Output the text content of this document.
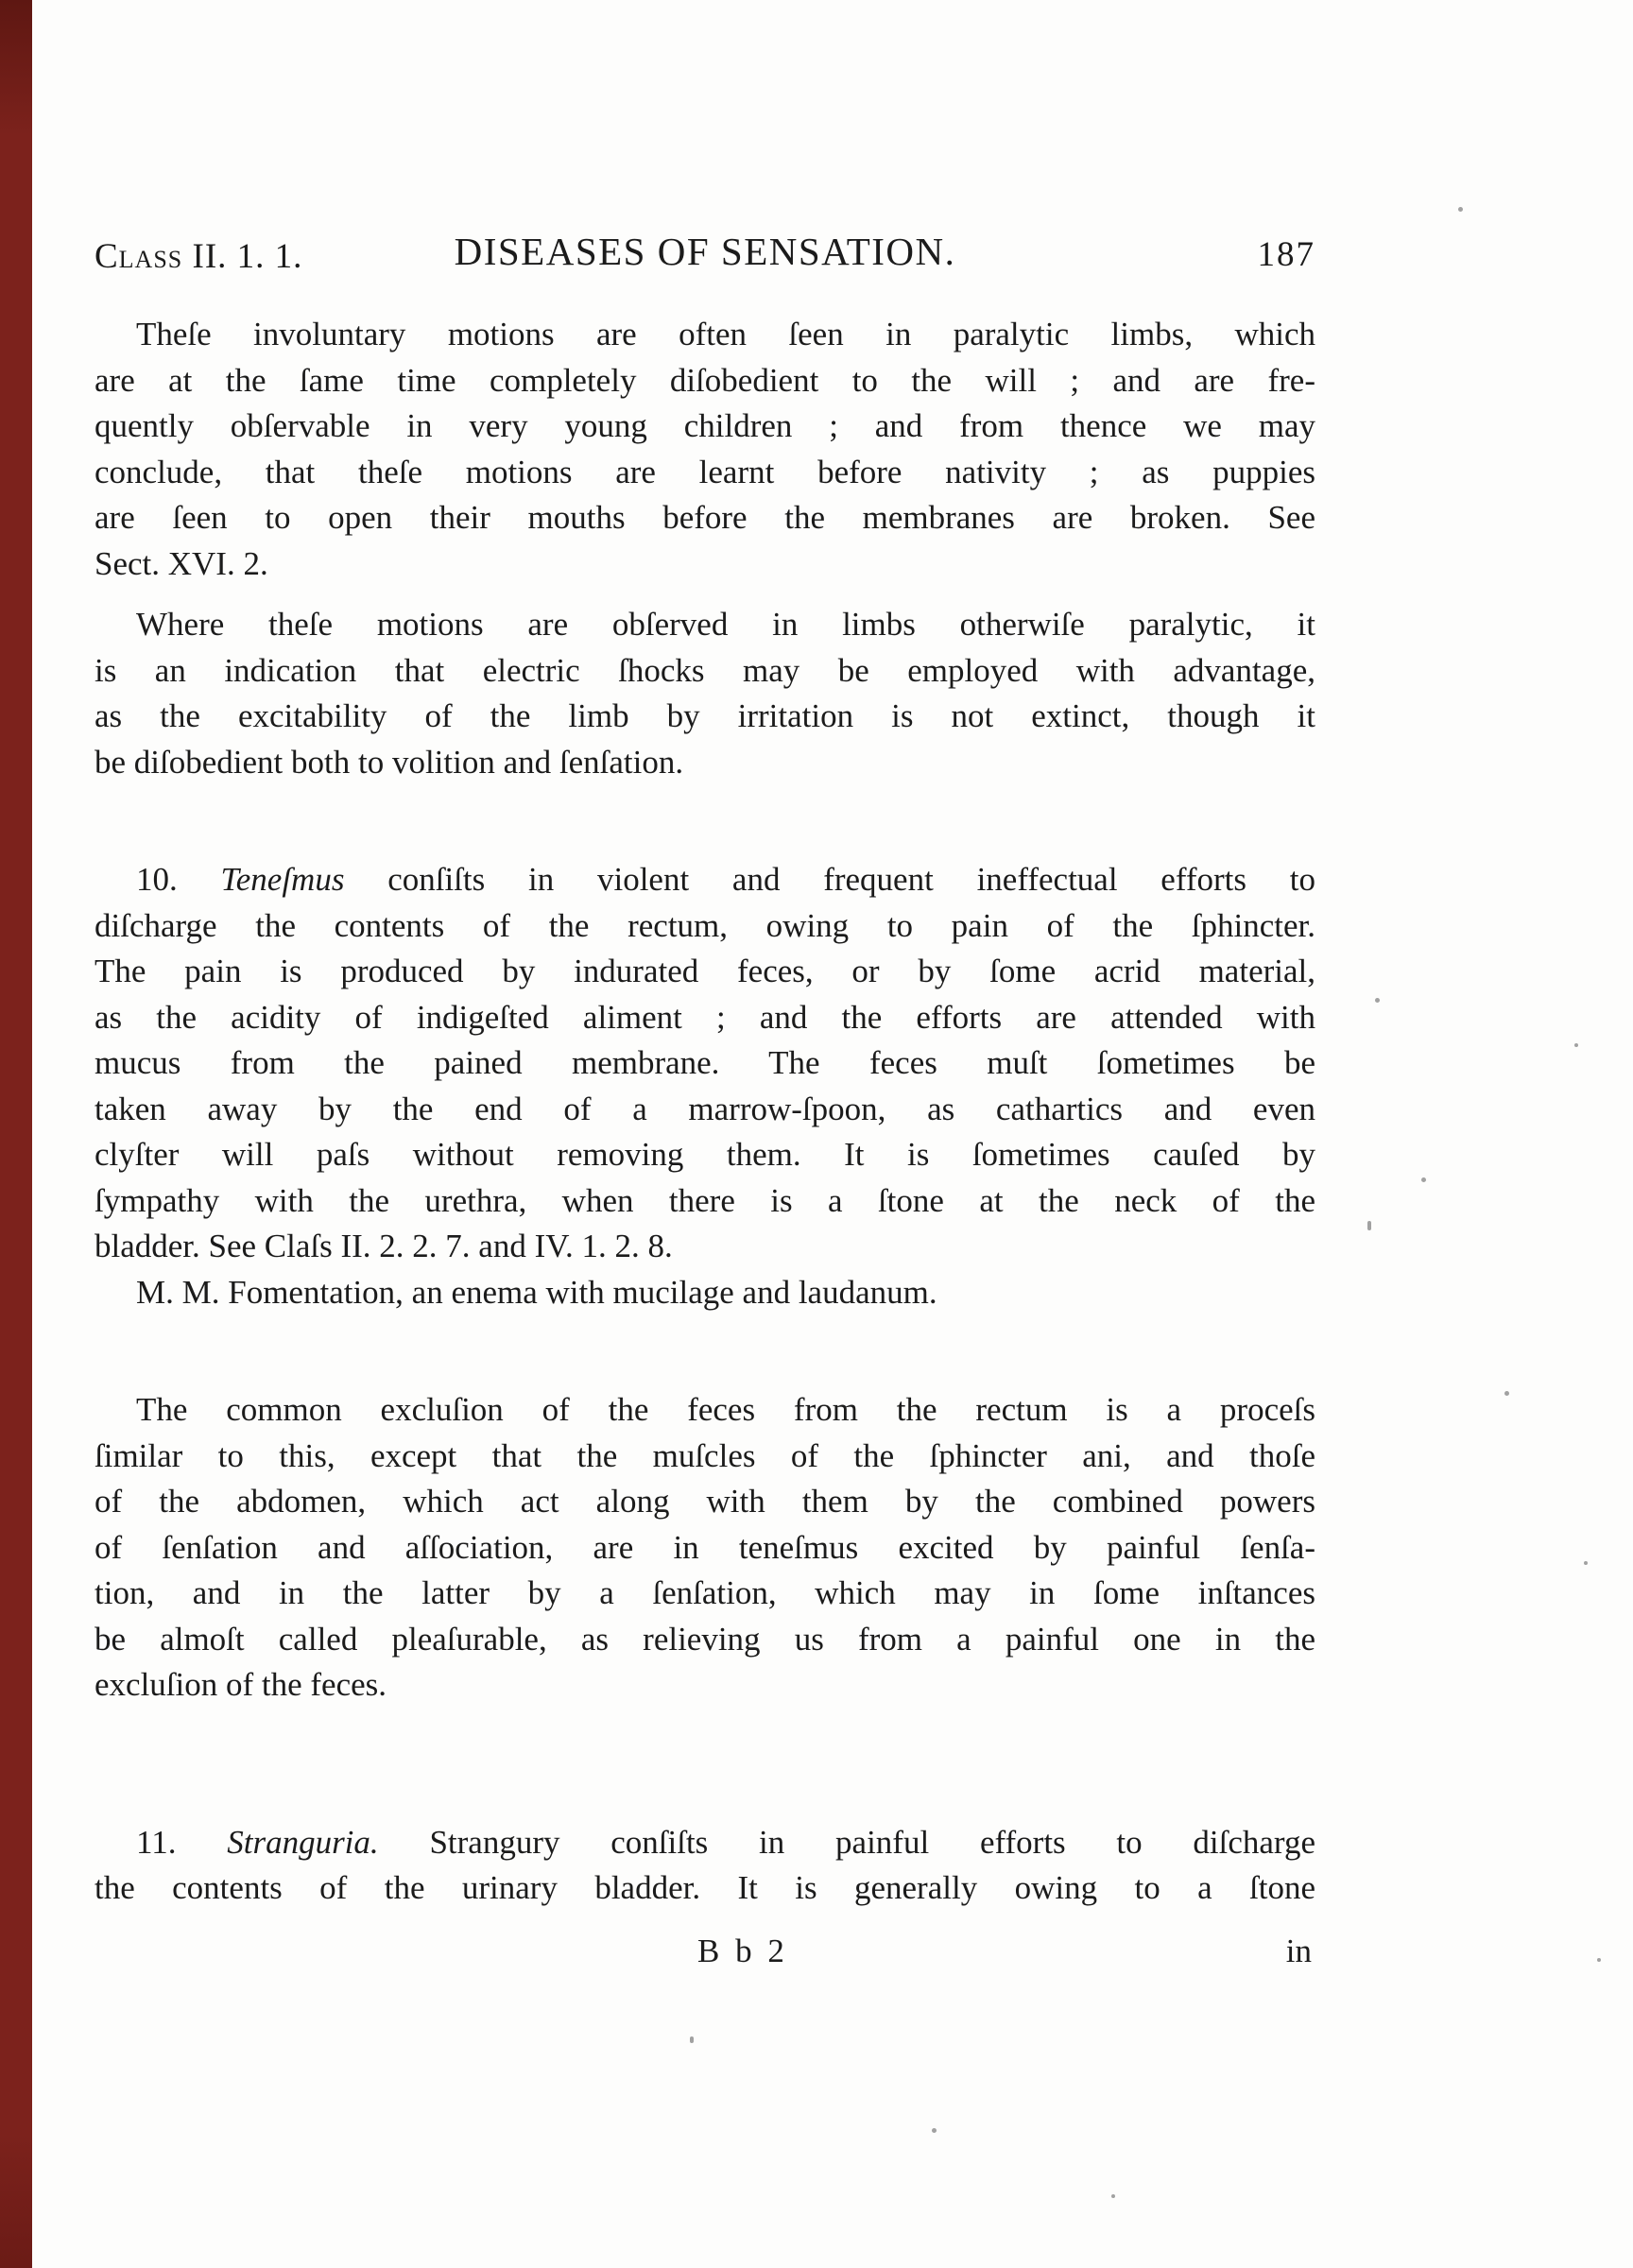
Class II. 1. 1.	DISEASES OF SENSATION.	187
Theſe involuntary motions are often ſeen in paralytic limbs, which
are at the ſame time completely diſobedient to the will ; and are fre-
quently obſervable in very young children ; and from thence we may
conclude, that theſe motions are learnt before nativity ; as puppies
are ſeen to open their mouths before the membranes are broken. See
Sect. XVI. 2.
Where theſe motions are obſerved in limbs otherwiſe paralytic, it
is an indication that electric ſhocks may be employed with advantage,
as the excitability of the limb by irritation is not extinct, though it
be diſobedient both to volition and ſenſation.
10. Teneſmus conſiſts in violent and frequent ineffectual efforts to
diſcharge the contents of the rectum, owing to pain of the ſphincter.
The pain is produced by indurated feces, or by ſome acrid material,
as the acidity of indigeſted aliment ; and the efforts are attended with
mucus from the pained membrane. The feces muſt ſometimes be
taken away by the end of a marrow-ſpoon, as cathartics and even
clyſter will paſs without removing them. It is ſometimes cauſed by
ſympathy with the urethra, when there is a ſtone at the neck of the
bladder. See Claſs II. 2. 2. 7. and IV. 1. 2. 8.
M. M. Fomentation, an enema with mucilage and laudanum.
The common excluſion of the feces from the rectum is a proceſs
ſimilar to this, except that the muſcles of the ſphincter ani, and thoſe
of the abdomen, which act along with them by the combined powers
of ſenſation and aſſociation, are in teneſmus excited by painful ſenſa-
tion, and in the latter by a ſenſation, which may in ſome inſtances
be almoſt called pleaſurable, as relieving us from a painful one in the
excluſion of the feces.
11. Stranguria. Strangury conſiſts in painful efforts to diſcharge
the contents of the urinary bladder. It is generally owing to a ſtone
B b 2	in
